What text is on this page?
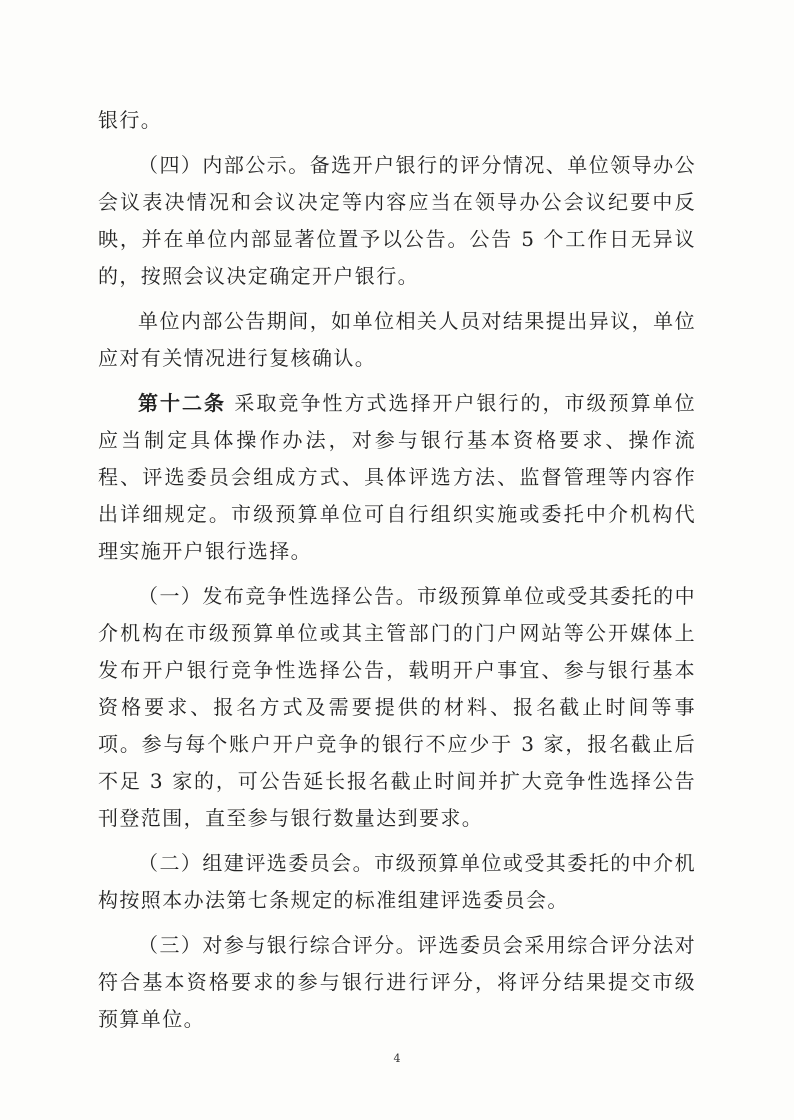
银行。

（四）内部公示。备选开户银行的评分情况、单位领导办公会议表决情况和会议决定等内容应当在领导办公会议纪要中反映，并在单位内部显著位置予以公告。公告 5 个工作日无异议的，按照会议决定确定开户银行。

单位内部公告期间，如单位相关人员对结果提出异议，单位应对有关情况进行复核确认。

第十二条 采取竞争性方式选择开户银行的，市级预算单位应当制定具体操作办法，对参与银行基本资格要求、操作流程、评选委员会组成方式、具体评选方法、监督管理等内容作出详细规定。市级预算单位可自行组织实施或委托中介机构代理实施开户银行选择。

（一）发布竞争性选择公告。市级预算单位或受其委托的中介机构在市级预算单位或其主管部门的门户网站等公开媒体上发布开户银行竞争性选择公告，载明开户事宜、参与银行基本资格要求、报名方式及需要提供的材料、报名截止时间等事项。参与每个账户开户竞争的银行不应少于 3 家，报名截止后不足 3 家的，可公告延长报名截止时间并扩大竞争性选择公告刊登范围，直至参与银行数量达到要求。

（二）组建评选委员会。市级预算单位或受其委托的中介机构按照本办法第七条规定的标准组建评选委员会。

（三）对参与银行综合评分。评选委员会采用综合评分法对符合基本资格要求的参与银行进行评分，将评分结果提交市级预算单位。

4
